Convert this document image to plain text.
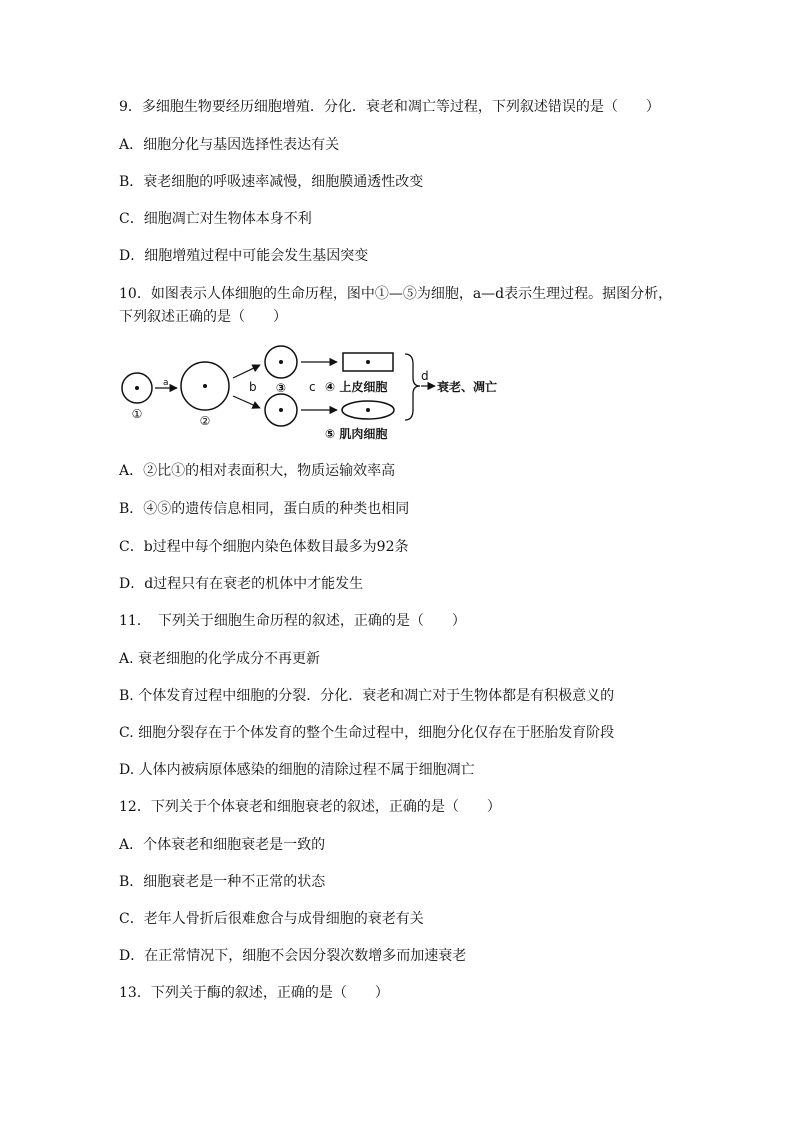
9．多细胞生物要经历细胞增殖．分化．衰老和凋亡等过程，下列叙述错误的是（　　）
A．细胞分化与基因选择性表达有关
B．衰老细胞的呼吸速率减慢，细胞膜通透性改变
C．细胞凋亡对生物体本身不利
D．细胞增殖过程中可能会发生基因突变
10．如图表示人体细胞的生命历程，图中①—⑤为细胞，a—d表示生理过程。据图分析，
下列叙述正确的是（　　）
①
a
②
b ③ c ④ 上皮细胞
⑤ 肌肉细胞
d
衰老、凋亡
A．②比①的相对表面积大，物质运输效率高
B．④⑤的遗传信息相同，蛋白质的种类也相同
C．b过程中每个细胞内染色体数目最多为92条
D．d过程只有在衰老的机体中才能发生
11．　下列关于细胞生命历程的叙述，正确的是（　　）
A. 衰老细胞的化学成分不再更新
B. 个体发育过程中细胞的分裂．分化．衰老和凋亡对于生物体都是有积极意义的
C. 细胞分裂存在于个体发育的整个生命过程中，细胞分化仅存在于胚胎发育阶段
D. 人体内被病原体感染的细胞的清除过程不属于细胞凋亡
12．下列关于个体衰老和细胞衰老的叙述，正确的是（　　）
A．个体衰老和细胞衰老是一致的
B．细胞衰老是一种不正常的状态
C．老年人骨折后很难愈合与成骨细胞的衰老有关
D．在正常情况下，细胞不会因分裂次数增多而加速衰老
13．下列关于酶的叙述，正确的是（　　）
